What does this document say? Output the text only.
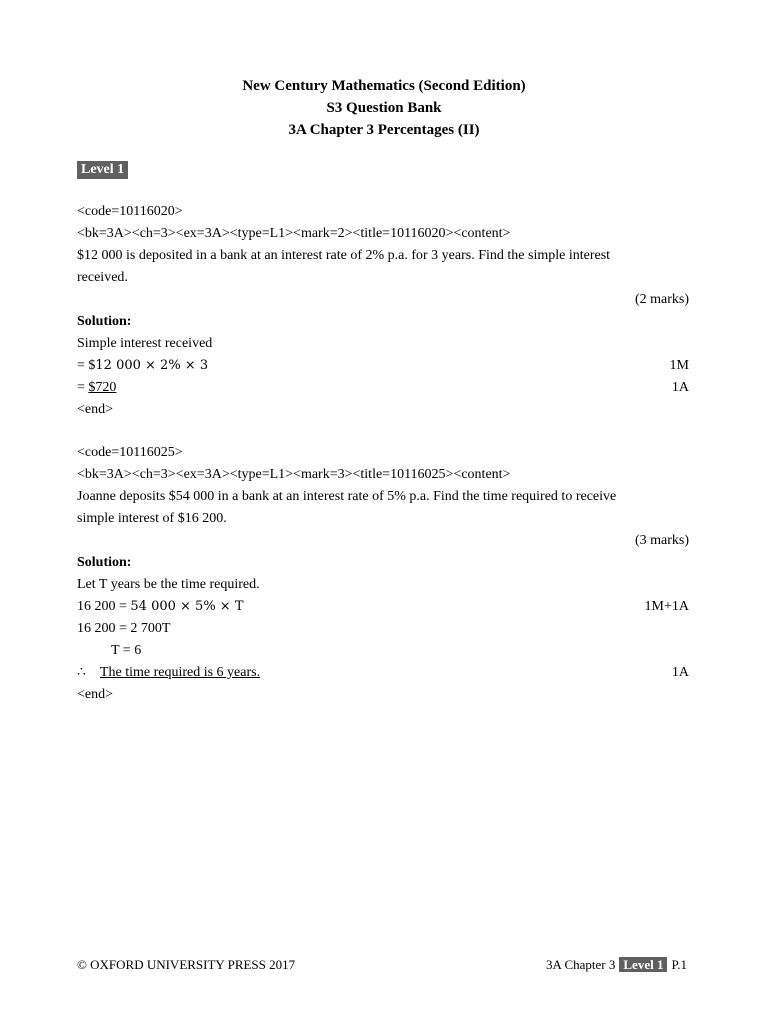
New Century Mathematics (Second Edition)
S3 Question Bank
3A Chapter 3 Percentages (II)
Level 1
<code=10116020>
<bk=3A><ch=3><ex=3A><type=L1><mark=2><title=10116020><content>
$12 000 is deposited in a bank at an interest rate of 2% p.a. for 3 years. Find the simple interest
received.
(2 marks)
Solution:
Simple interest received
= $12 000 × 2% × 3	1M
= $720	1A
<end>
<code=10116025>
<bk=3A><ch=3><ex=3A><type=L1><mark=3><title=10116025><content>
Joanne deposits $54 000 in a bank at an interest rate of 5% p.a. Find the time required to receive
simple interest of $16 200.
(3 marks)
Solution:
Let T years be the time required.
16 200 = 54 000 × 5% × T	1M+1A
16 200 = 2 700T
T = 6
∴ The time required is 6 years.	1A
<end>
© OXFORD UNIVERSITY PRESS 2017	3A Chapter 3 Level 1 P.1
